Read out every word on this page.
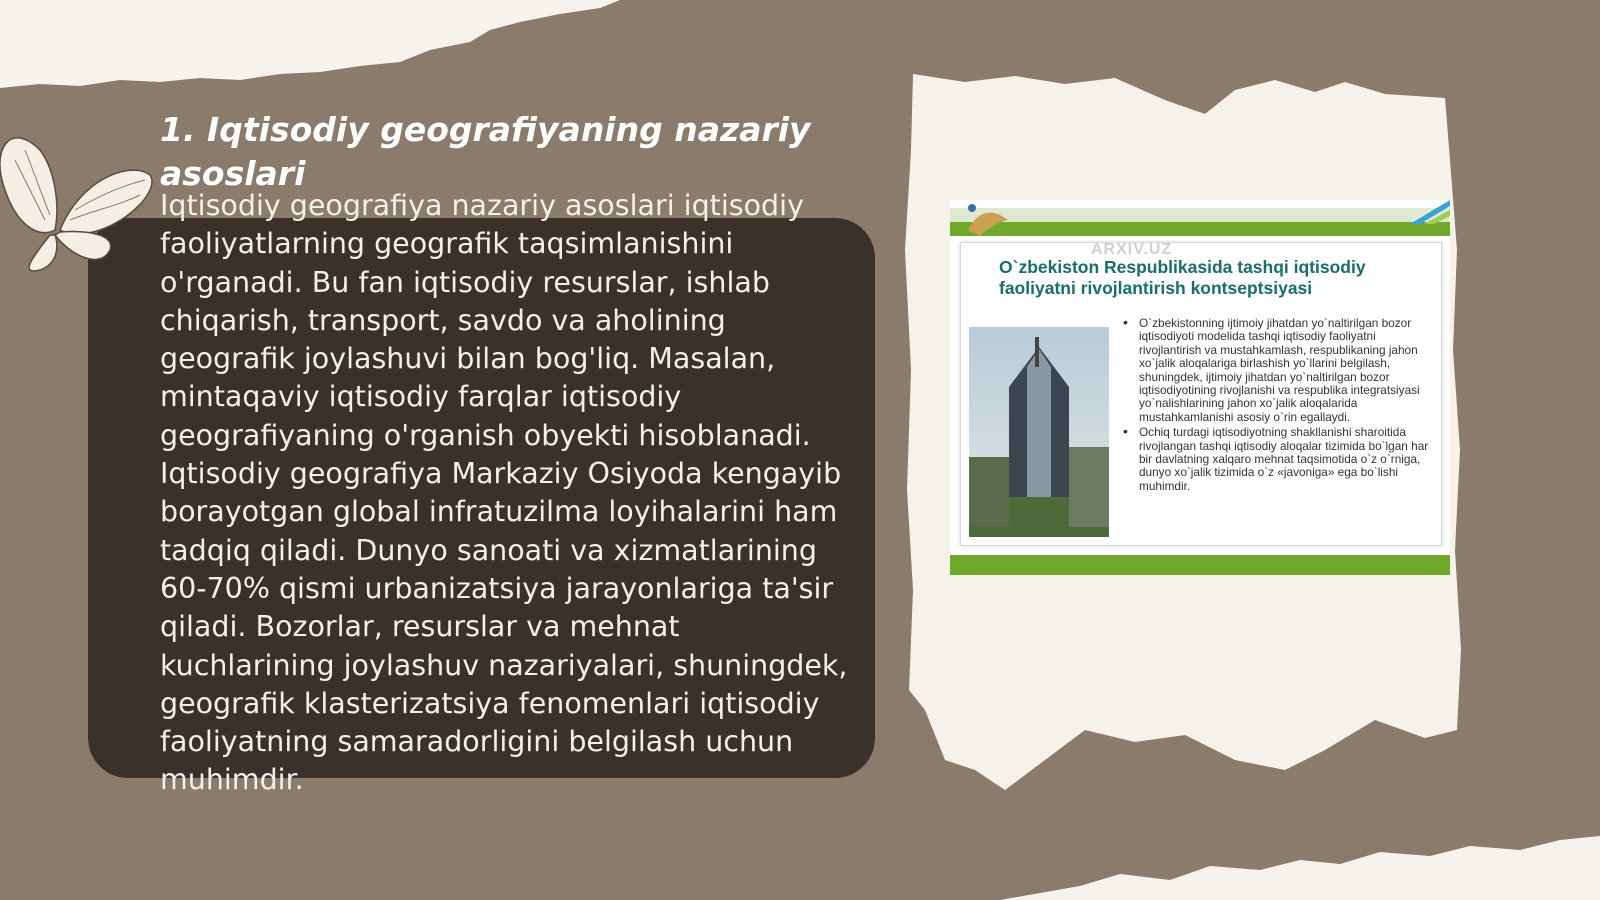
1. Iqtisodiy geografiyaning nazariy asoslari

Iqtisodiy geografiya nazariy asoslari iqtisodiy faoliyatlarning geografik taqsimlanishini o'rganadi. Bu fan iqtisodiy resurslar, ishlab chiqarish, transport, savdo va aholining geografik joylashuvi bilan bog'liq. Masalan, mintaqaviy iqtisodiy farqlar iqtisodiy geografiyaning o'rganish obyekti hisoblanadi. Iqtisodiy geografiya Markaziy Osiyoda kengayib borayotgan global infratuzilma loyihalarini ham tadqiq qiladi. Dunyo sanoati va xizmatlarining 60-70% qismi urbanizatsiya jarayonlariga ta'sir qiladi. Bozorlar, resurslar va mehnat kuchlarining joylashuv nazariyalari, shuningdek, geografik klasterizatsiya fenomenlari iqtisodiy faoliyatning samaradorligini belgilash uchun muhimdir.

ARXIV.UZ
O`zbekiston Respublikasida tashqi iqtisodiy faoliyatni rivojlantirish kontseptsiyasi
• O`zbekistonning ijtimoiy jihatdan yo`naltirilgan bozor iqtisodiyoti modelida tashqi iqtisodiy faoliyatni rivojlantirish va mustahkamlash, respublikaning jahon xo`jalik aloqalariga birlashish yo`llarini belgilash, shuningdek, ijtimoiy jihatdan yo`naltirilgan bozor iqtisodiyotining rivojlanishi va respublika integratsiyasi yo`nalishlarining jahon xo`jalik aloqalarida mustahkamlanishi asosiy o`rin egallaydi.
• Ochiq turdagi iqtisodiyotning shakllanishi sharoitida rivojlangan tashqi iqtisodiy aloqalar tizimida bo`lgan har bir davlatning xalqaro mehnat taqsimotida o`z o`rniga, dunyo xo`jalik tizimida o`z «javoniga» ega bo`lishi muhimdir.
